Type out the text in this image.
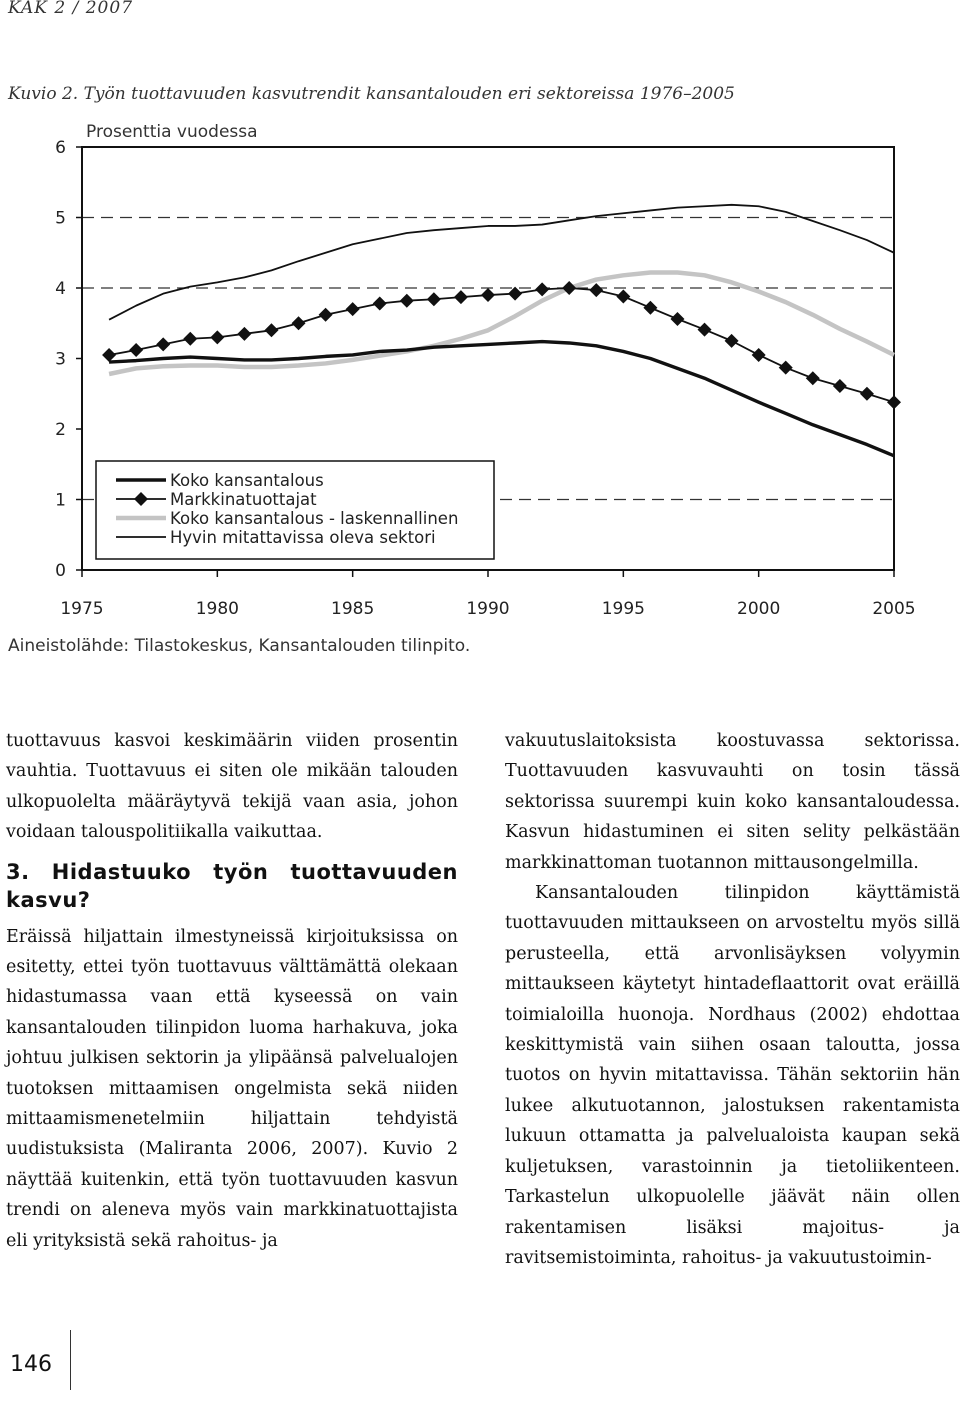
KAK 2 / 2007
Kuvio 2. Työn tuottavuuden kasvutrendit kansantalouden eri sektoreissa 1976–2005
0
1
2
3
4
5
6
1975	1980	1985	1990	1995	2000	2005
Prosenttia vuodessa
Koko kansantalous
Markkinatuottajat
Koko kansantalous - laskennallinen
Hyvin mitattavissa oleva sektori
Aineistolähde: Tilastokeskus, Kansantalouden tilinpito.

tuottavuus kasvoi keskimäärin viiden prosentin vauhtia. Tuottavuus ei siten ole mikään talouden ulkopuolelta määräytyvä tekijä vaan asia, johon voidaan talouspolitiikalla vaikuttaa.

3. Hidastuuko työn tuottavuuden kasvu?

Eräissä hiljattain ilmestyneissä kirjoituksissa on esitetty, ettei työn tuottavuus välttämättä olekaan hidastumassa vaan että kyseessä on vain kansantalouden tilinpidon luoma harhakuva, joka johtuu julkisen sektorin ja ylipäänsä palvelualojen tuotoksen mittaamisen ongelmista sekä niiden mittaamismenetelmiin hiljattain tehdyistä uudistuksista (Maliranta 2006, 2007). Kuvio 2 näyttää kuitenkin, että työn tuottavuuden kasvun trendi on aleneva myös vain markkinatuottajista eli yrityksistä sekä rahoitus- ja

vakuutuslaitoksista koostuvassa sektorissa. Tuottavuuden kasvuvauhti on tosin tässä sektorissa suurempi kuin koko kansantaloudessa. Kasvun hidastuminen ei siten selity pelkästään markkinattoman tuotannon mittausongelmilla.

Kansantalouden tilinpidon käyttämistä tuottavuuden mittaukseen on arvosteltu myös sillä perusteella, että arvonlisäyksen volyymin mittaukseen käytetyt hintadeflaattorit ovat eräillä toimialoilla huonoja. Nordhaus (2002) ehdottaa keskittymistä vain siihen osaan taloutta, jossa tuotos on hyvin mitattavissa. Tähän sektoriin hän lukee alkutuotannon, jalostuksen rakentamista lukuun ottamatta ja palvelualoista kaupan sekä kuljetuksen, varastoinnin ja tietoliikenteen. Tarkastelun ulkopuolelle jäävät näin ollen rakentamisen lisäksi majoitus- ja ravitsemistoiminta, rahoitus- ja vakuutustoimin-

146
